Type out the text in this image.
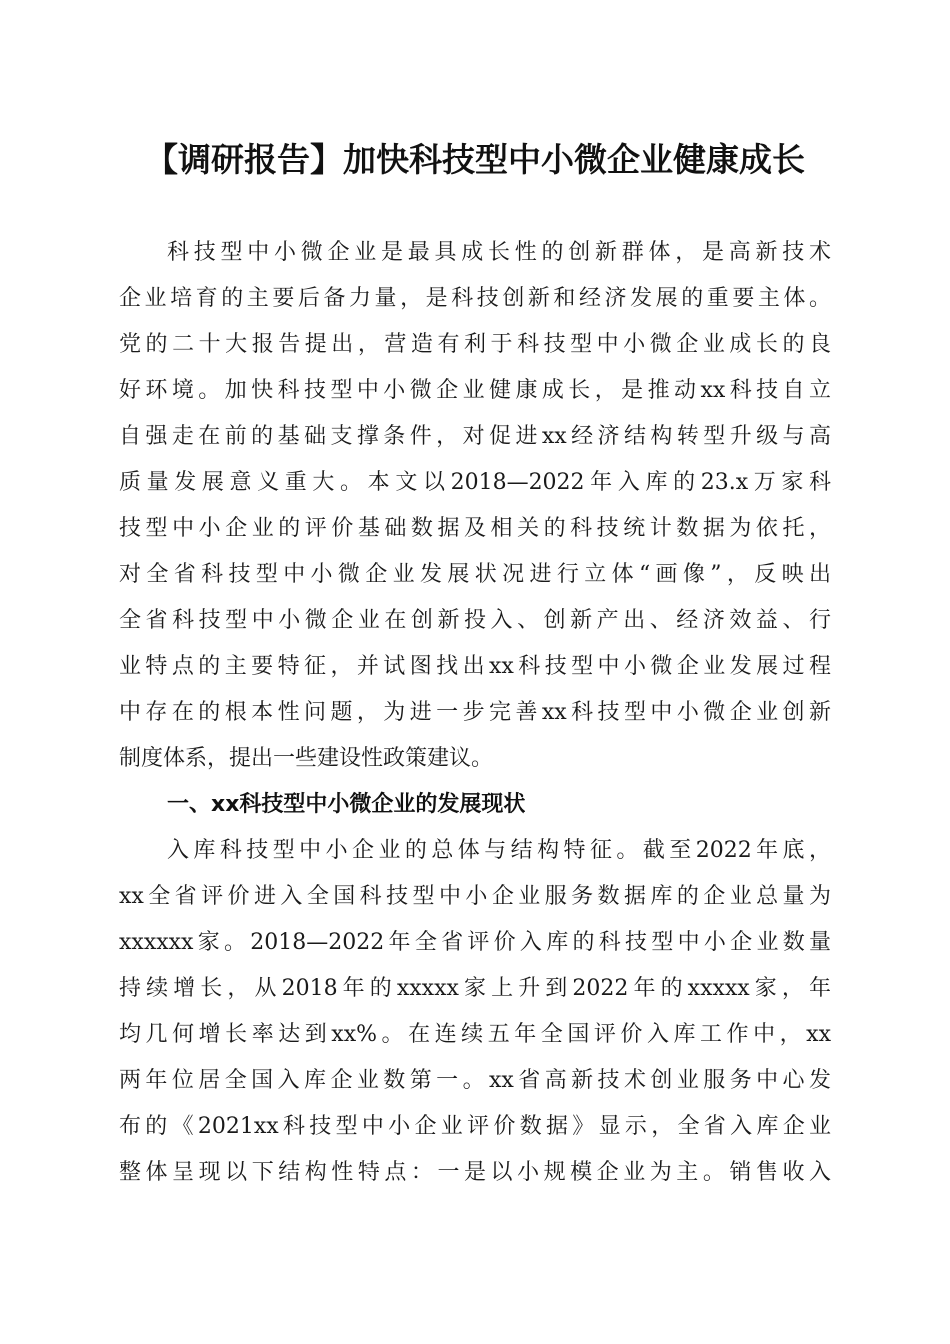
【调研报告】加快科技型中小微企业健康成长
科技型中小微企业是最具成长性的创新群体，是高新技术
企业培育的主要后备力量，是科技创新和经济发展的重要主体。
党的二十大报告提出，营造有利于科技型中小微企业成长的良
好环境。加快科技型中小微企业健康成长，是推动xx科技自立
自强走在前的基础支撑条件，对促进xx经济结构转型升级与高
质量发展意义重大。本文以2018—2022年入库的23.x万家科
技型中小企业的评价基础数据及相关的科技统计数据为依托，
对全省科技型中小微企业发展状况进行立体“画像”，反映出
全省科技型中小微企业在创新投入、创新产出、经济效益、行
业特点的主要特征，并试图找出xx科技型中小微企业发展过程
中存在的根本性问题，为进一步完善xx科技型中小微企业创新
制度体系，提出一些建设性政策建议。
一、xx科技型中小微企业的发展现状
入库科技型中小企业的总体与结构特征。截至2022年底，
xx全省评价进入全国科技型中小企业服务数据库的企业总量为
xxxxxx家。2018—2022年全省评价入库的科技型中小企业数量
持续增长，从2018年的xxxxx家上升到2022年的xxxxx家，年
均几何增长率达到xx%。在连续五年全国评价入库工作中，xx
两年位居全国入库企业数第一。xx省高新技术创业服务中心发
布的《2021xx科技型中小企业评价数据》显示，全省入库企业
整体呈现以下结构性特点：一是以小规模企业为主。销售收入
